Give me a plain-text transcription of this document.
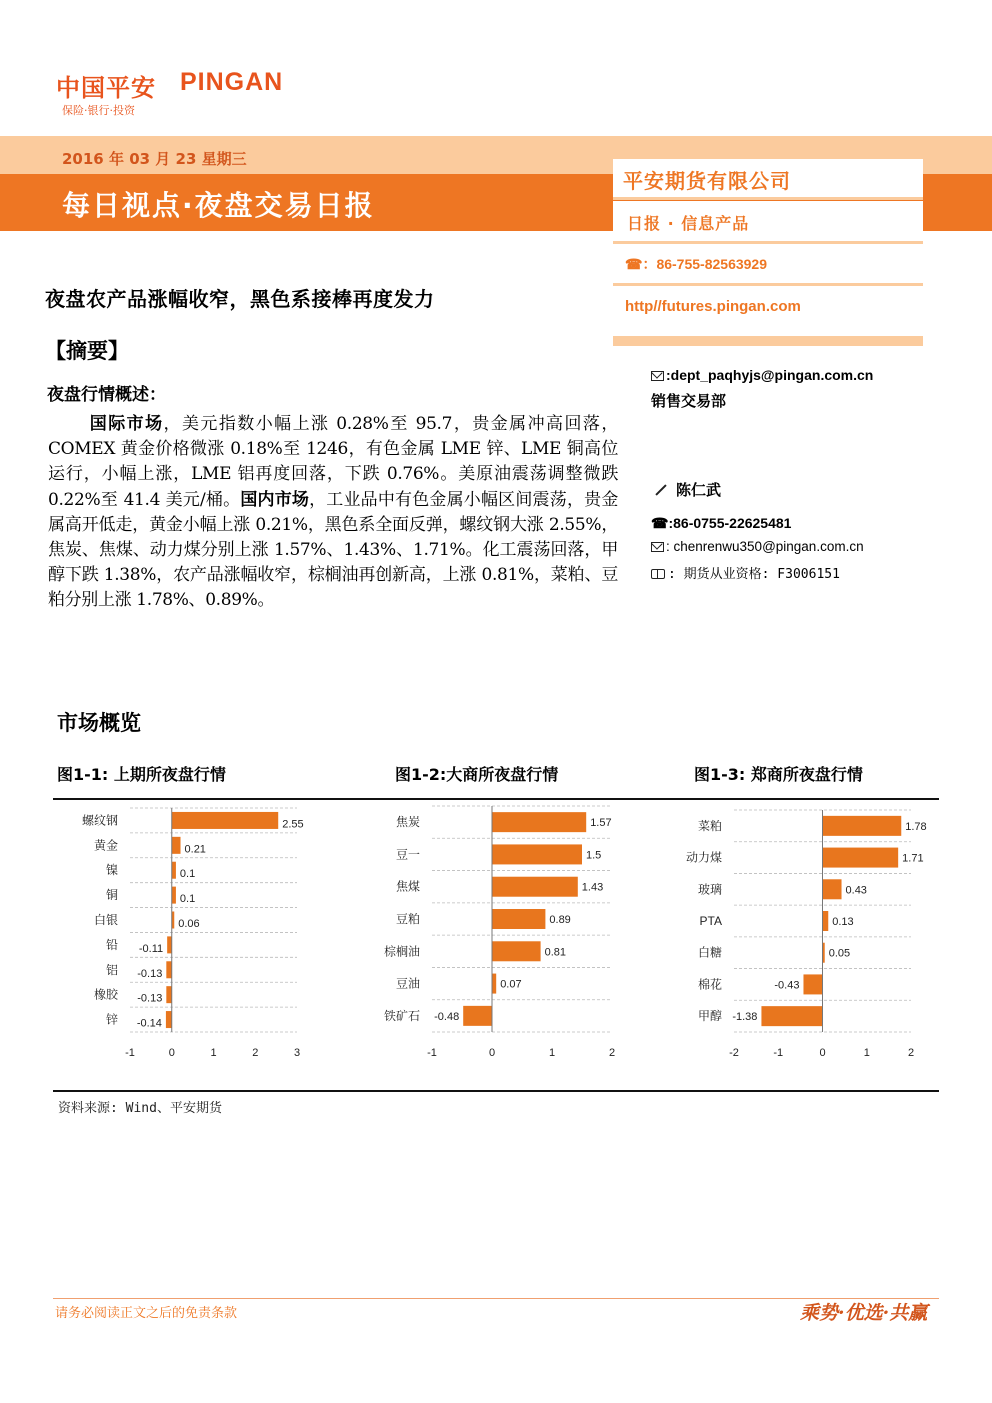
中国平安 PINGAN
保险·银行·投资
2016 年 03 月 23 星期三
每日视点·夜盘交易日报
平安期货有限公司
日报 · 信息产品
☎：86-755-82563929
http//futures.pingan.com
:dept_paqhyjs@pingan.com.cn
销售交易部
陈仁武
☎:86-0755-22625481
: chenrenwu350@pingan.com.cn
: 期货从业资格: F3006151
夜盘农产品涨幅收窄，黑色系接棒再度发力
【摘要】
夜盘行情概述：
国际市场，美元指数小幅上涨 0.28%至 95.7，贵金属冲高回落，COMEX 黄金价格微涨 0.18%至 1246，有色金属 LME 锌、LME 铜高位运行，小幅上涨，LME 铝再度回落，下跌 0.76%。美原油震荡调整微跌 0.22%至 41.4 美元/桶。国内市场，工业品中有色金属小幅区间震荡，贵金属高开低走，黄金小幅上涨 0.21%，黑色系全面反弹，螺纹钢大涨 2.55%，焦炭、焦煤、动力煤分别上涨 1.57%、1.43%、1.71%。化工震荡回落，甲醇下跌 1.38%，农产品涨幅收窄，棕榈油再创新高，上涨 0.81%，菜粕、豆粕分别上涨 1.78%、0.89%。
市场概览
图1-1: 上期所夜盘行情	图1-2:大商所夜盘行情	图1-3: 郑商所夜盘行情
螺纹钢	2.55
黄金	0.21
镍	0.1
铜	0.1
白银	0.06
铅 -0.11
铝 -0.13
橡胶 -0.13
锌 -0.14
-1	0	1	2	3
焦炭	1.57
豆一	1.5
焦煤	1.43
豆粕	0.89
棕榈油	0.81
豆油	0.07
铁矿石 -0.48
-1	0	1	2
菜粕	1.78
动力煤	1.71
玻璃	0.43
PTA	0.13
白糖	0.05
棉花	-0.43
甲醇 -1.38
-2	-1	0	1	2
资料来源: Wind、平安期货
请务必阅读正文之后的免责条款	乘势·优选·共赢
